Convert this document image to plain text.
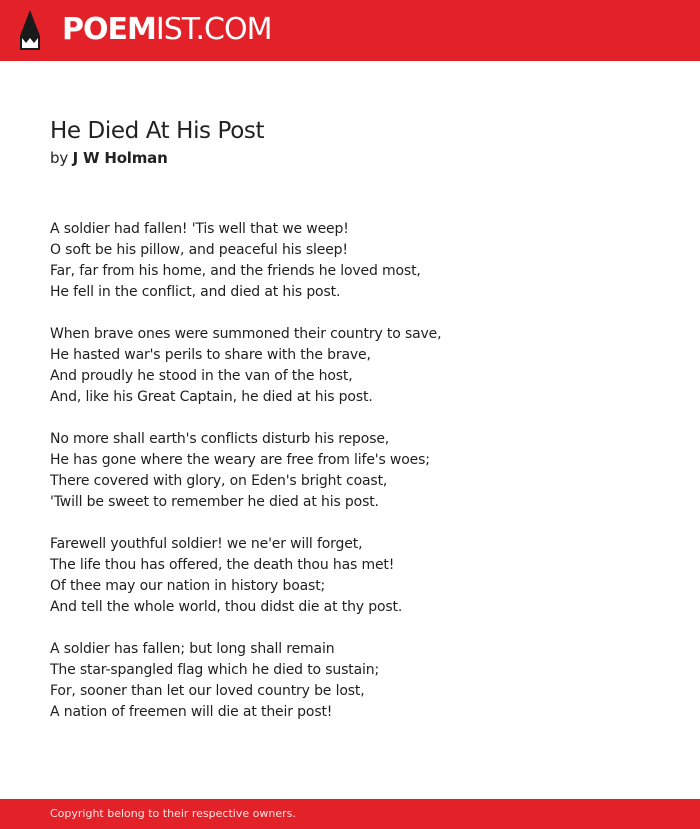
POEMIST.COM
He Died At His Post
by J W Holman
A soldier had fallen! 'Tis well that we weep!
O soft be his pillow, and peaceful his sleep!
Far, far from his home, and the friends he loved most,
He fell in the conflict, and died at his post.
When brave ones were summoned their country to save,
He hasted war's perils to share with the brave,
And proudly he stood in the van of the host,
And, like his Great Captain, he died at his post.
No more shall earth's conflicts disturb his repose,
He has gone where the weary are free from life's woes;
There covered with glory, on Eden's bright coast,
'Twill be sweet to remember he died at his post.
Farewell youthful soldier! we ne'er will forget,
The life thou has offered, the death thou has met!
Of thee may our nation in history boast;
And tell the whole world, thou didst die at thy post.
A soldier has fallen; but long shall remain
The star-spangled flag which he died to sustain;
For, sooner than let our loved country be lost,
A nation of freemen will die at their post!
Copyright belong to their respective owners.
